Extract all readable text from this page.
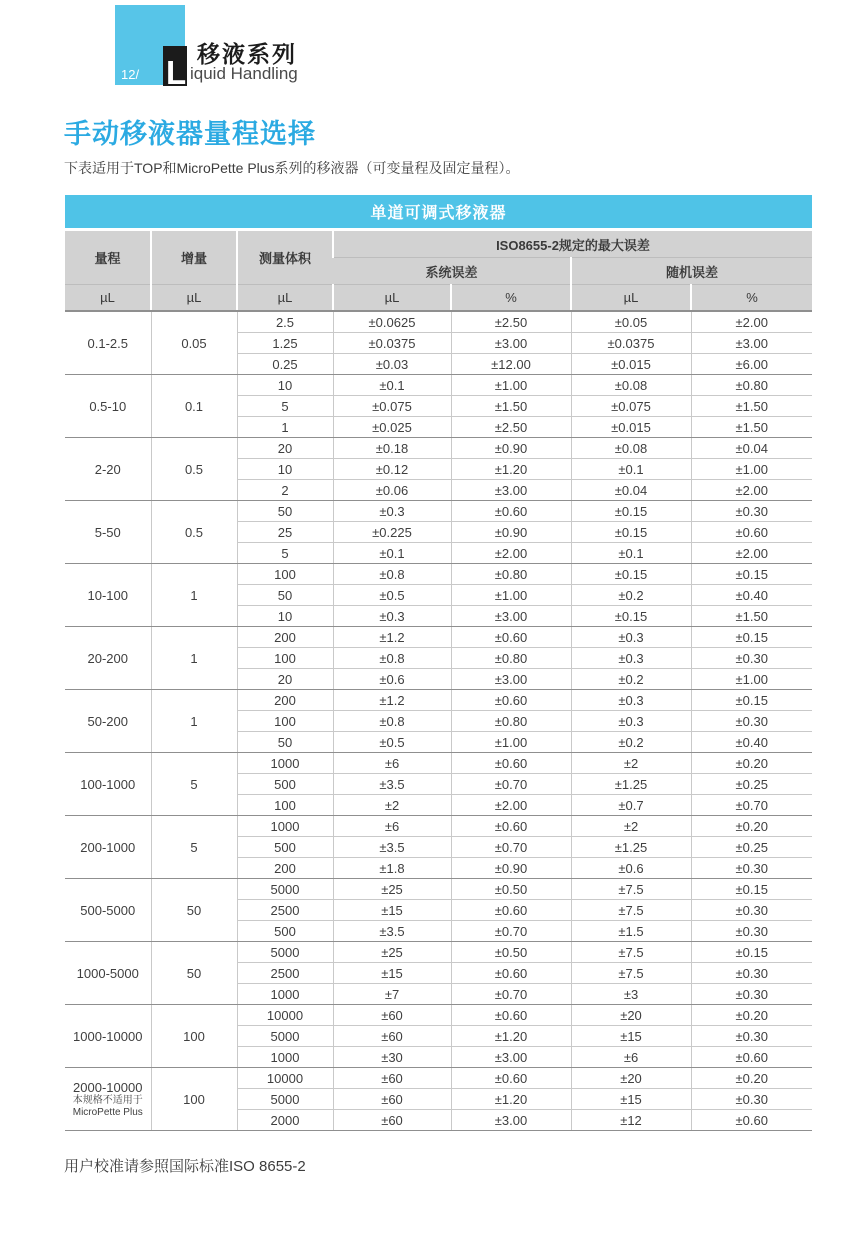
12/ L 移液系列
iquid Handling
手动移液器量程选择
下表适用于TOP和MicroPette Plus系列的移液器（可变量程及固定量程）。
单道可调式移液器
量程	增量	测量体积	ISO8655-2规定的最大误差			
			系统误差		随机误差	
µL	µL	µL	µL	%	µL	%

0.1-2.5	0.05	2.5	±0.0625	±2.50	±0.05	±2.00
		1.25	±0.0375	±3.00	±0.0375	±3.00
		0.25	±0.03	±12.00	±0.015	±6.00

0.5-10	0.1	10	±0.1	±1.00	±0.08	±0.80
		5	±0.075	±1.50	±0.075	±1.50
		1	±0.025	±2.50	±0.015	±1.50

2-20	0.5	20	±0.18	±0.90	±0.08	±0.04
		10	±0.12	±1.20	±0.1	±1.00
		2	±0.06	±3.00	±0.04	±2.00

5-50	0.5	50	±0.3	±0.60	±0.15	±0.30
		25	±0.225	±0.90	±0.15	±0.60
		5	±0.1	±2.00	±0.1	±2.00

10-100	1	100	±0.8	±0.80	±0.15	±0.15
		50	±0.5	±1.00	±0.2	±0.40
		10	±0.3	±3.00	±0.15	±1.50

20-200	1	200	±1.2	±0.60	±0.3	±0.15
		100	±0.8	±0.80	±0.3	±0.30
		20	±0.6	±3.00	±0.2	±1.00

50-200	1	200	±1.2	±0.60	±0.3	±0.15
		100	±0.8	±0.80	±0.3	±0.30
		50	±0.5	±1.00	±0.2	±0.40

100-1000	5	1000	±6	±0.60	±2	±0.20
		500	±3.5	±0.70	±1.25	±0.25
		100	±2	±2.00	±0.7	±0.70

200-1000	5	1000	±6	±0.60	±2	±0.20
		500	±3.5	±0.70	±1.25	±0.25
		200	±1.8	±0.90	±0.6	±0.30

500-5000	50	5000	±25	±0.50	±7.5	±0.15
		2500	±15	±0.60	±7.5	±0.30
		500	±3.5	±0.70	±1.5	±0.30

1000-5000	50	5000	±25	±0.50	±7.5	±0.15
		2500	±15	±0.60	±7.5	±0.30
		1000	±7	±0.70	±3	±0.30

1000-10000	100	10000	±60	±0.60	±20	±0.20
		5000	±60	±1.20	±15	±0.30
		1000	±30	±3.00	±6	±0.60

2000-10000
本规格不适用于
MicroPette Plus	100	10000	±60	±0.60	±20	±0.20
		5000	±60	±1.20	±15	±0.30
		2000	±60	±3.00	±12	±0.60
用户校准请参照国际标准ISO 8655-2
